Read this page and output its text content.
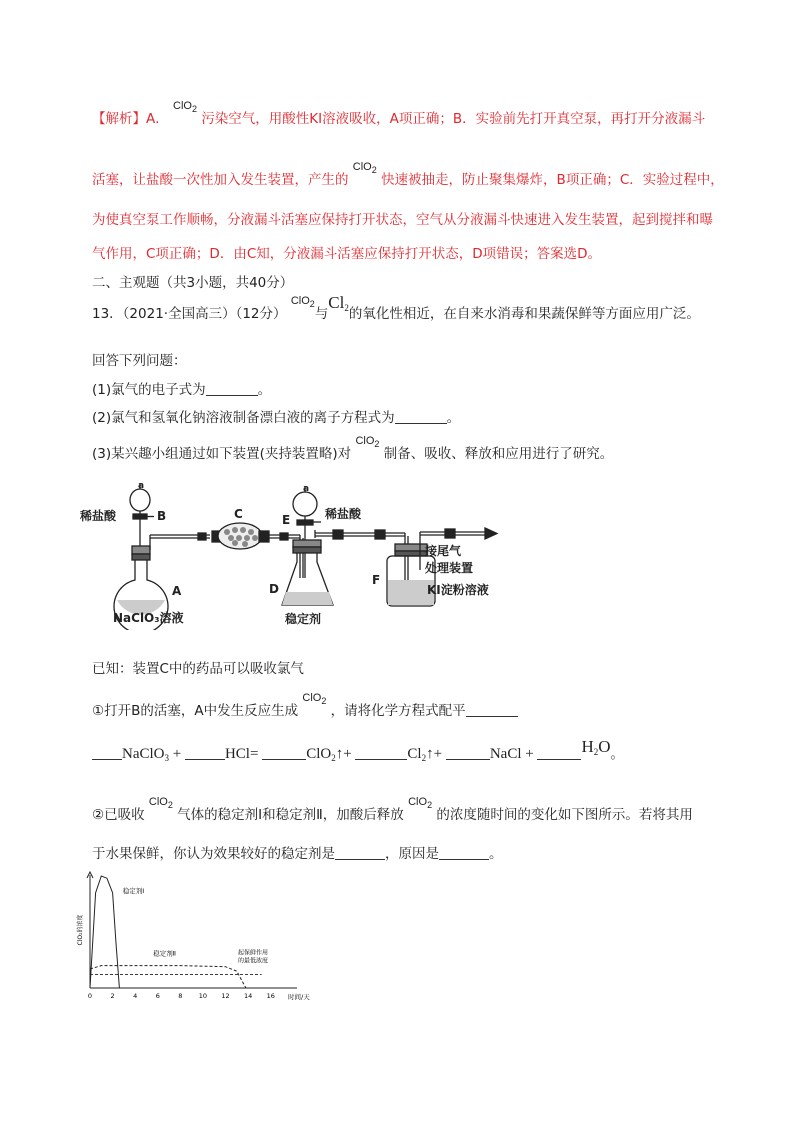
【解析】A． $^{ClO_2}$ 污染空气，用酸性KI溶液吸收，A项正确；B．实验前先打开真空泵，再打开分液漏斗
活塞，让盐酸一次性加入发生装置，产生的 $^{ClO_2}$ 快速被抽走，防止聚集爆炸，B项正确；C．实验过程中，
为使真空泵工作顺畅，分液漏斗活塞应保持打开状态，空气从分液漏斗快速进入发生装置，起到搅拌和曝
气作用，C项正确；D．由C知，分液漏斗活塞应保持打开状态，D项错误；答案选D。
二、主观题（共3小题，共40分）
13．（2021·全国高三）（12分） $^{ClO_2}$与$Cl_2$的氧化性相近，在自来水消毒和果蔬保鲜等方面应用广泛。
回答下列问题：
(1)氯气的电子式为	。
(2)氯气和氢氧化钠溶液制备漂白液的离子方程式为	。
(3)某兴趣小组通过如下装置(夹持装置略)对 $^{ClO_2}$ 制备、吸收、释放和应用进行了研究。
稀盐酸	B
a
C
a
E	稀盐酸
接尾气
处理装置
A
NaClO₃溶液
D
稳定剂
F
KI淀粉溶液
已知：装置C中的药品可以吸收氯气
①打开B的活塞，A中发生反应生成 $^{ClO_2}$ ，请将化学方程式配平
NaClO$_3$ +	HCl=	ClO$_2$↑+	$Cl_2↑+$	NaCl +	$H_2O$。
②已吸收 $^{ClO_2}$ 气体的稳定剂Ⅰ和稳定剂Ⅱ，加酸后释放 $^{ClO_2}$ 的浓度随时间的变化如下图所示。若将其用
于水果保鲜，你认为效果较好的稳定剂是	，原因是	。
ClO₂的浓度
时间/天
0	2	4	6	8	10 12 14 16
稳定剂Ⅰ
稳定剂Ⅱ	起保鲜作用
的最低浓度
